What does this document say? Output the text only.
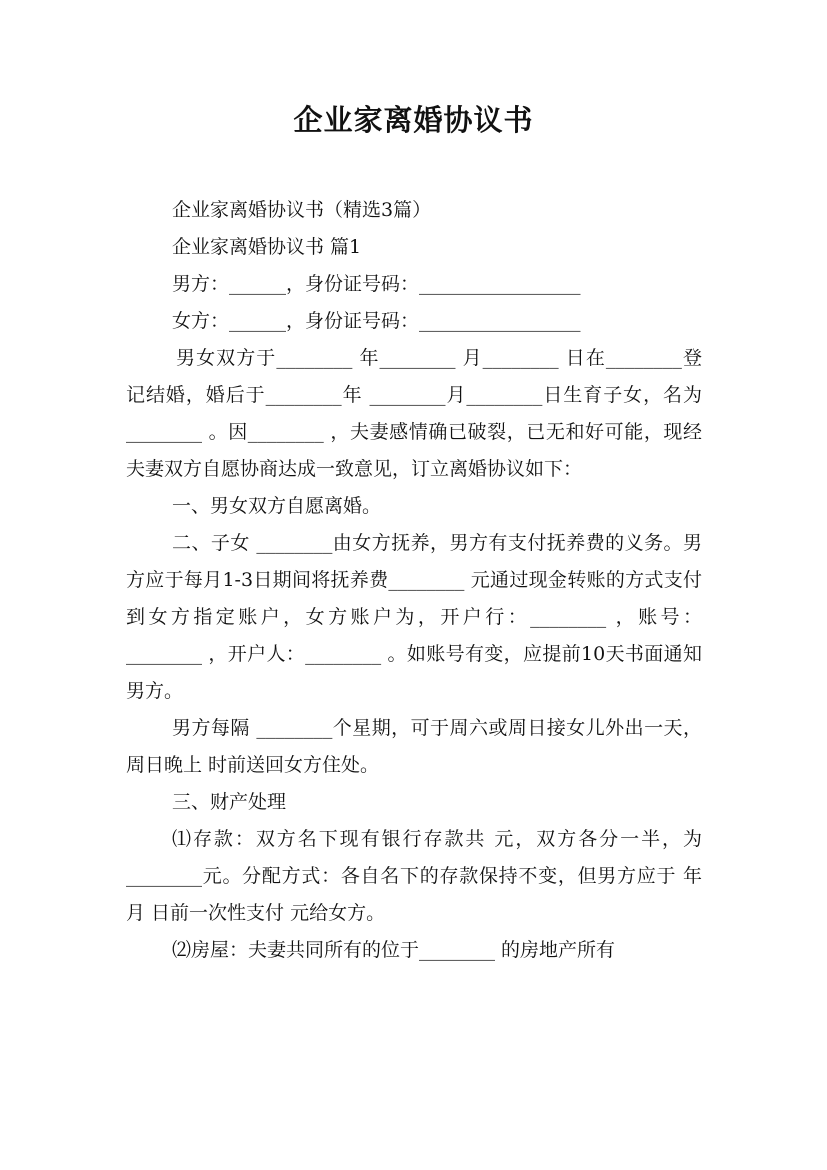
企业家离婚协议书

企业家离婚协议书（精选3篇）

企业家离婚协议书 篇1

男方：______，身份证号码：_________________

女方：______，身份证号码：_________________

男女双方于________ 年________ 月________ 日在________登记结婚，婚后于________年 ________月________日生育子女，名为________ 。因________ ，夫妻感情确已破裂，已无和好可能，现经夫妻双方自愿协商达成一致意见，订立离婚协议如下：

一、男女双方自愿离婚。

二、子女 ________由女方抚养，男方有支付抚养费的义务。男方应于每月1-3日期间将抚养费________ 元通过现金转账的方式支付到女方指定账户，女方账户为，开户行：________ ，账号：________ ，开户人：________ 。如账号有变，应提前10天书面通知男方。

男方每隔 ________个星期，可于周六或周日接女儿外出一天，周日晚上 时前送回女方住处。

三、财产处理

⑴存款：双方名下现有银行存款共 元，双方各分一半，为________元。分配方式：各自名下的存款保持不变，但男方应于 年 月 日前一次性支付 元给女方。

⑵房屋：夫妻共同所有的位于________ 的房地产所有
